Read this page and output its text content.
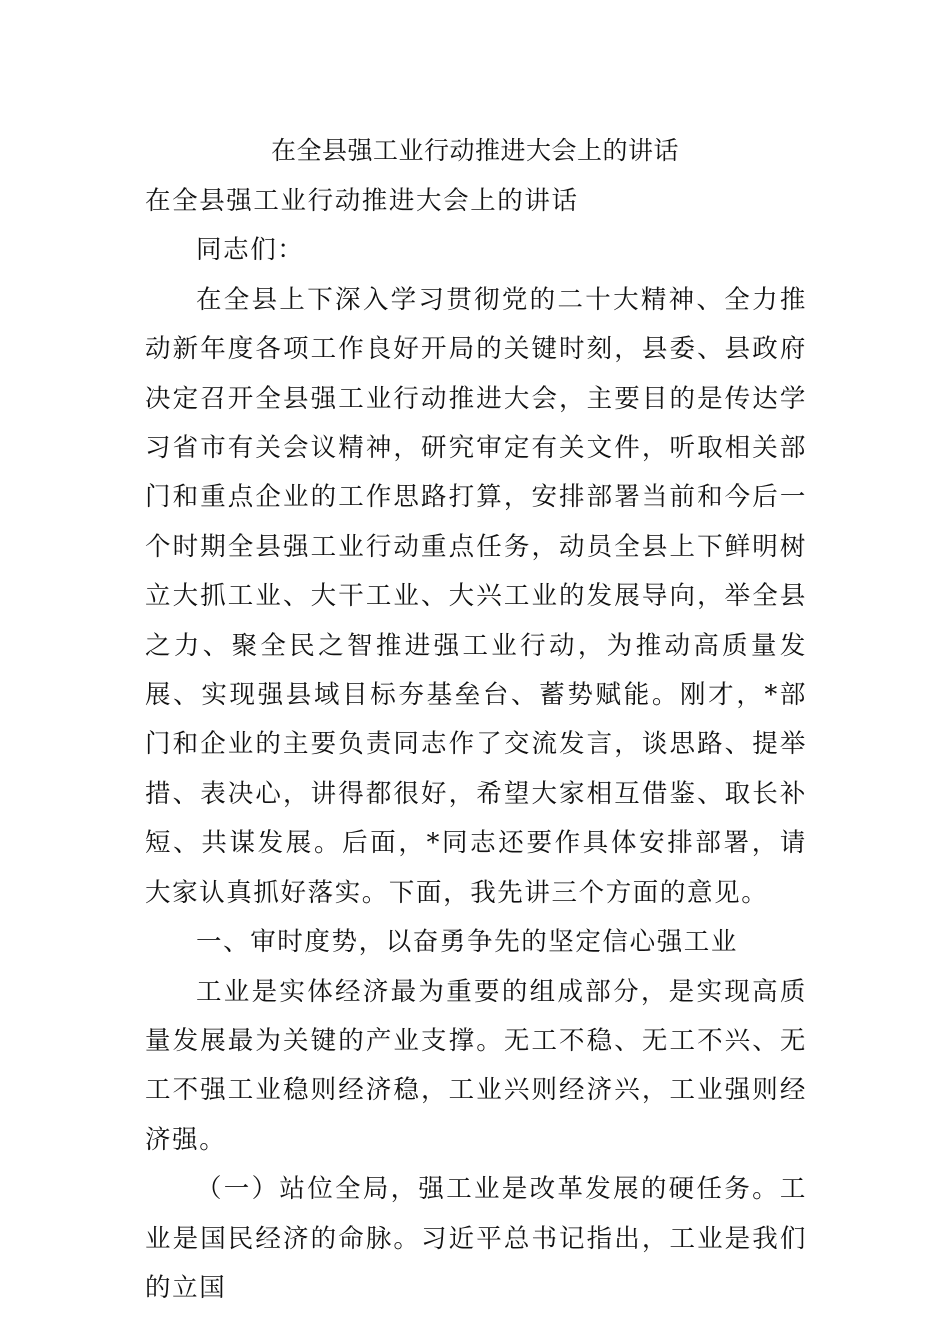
在全县强工业行动推进大会上的讲话

在全县强工业行动推进大会上的讲话

同志们：

在全县上下深入学习贯彻党的二十大精神、全力推动新年度各项工作良好开局的关键时刻，县委、县政府决定召开全县强工业行动推进大会，主要目的是传达学习省市有关会议精神，研究审定有关文件，听取相关部门和重点企业的工作思路打算，安排部署当前和今后一个时期全县强工业行动重点任务，动员全县上下鲜明树立大抓工业、大干工业、大兴工业的发展导向，举全县之力、聚全民之智推进强工业行动，为推动高质量发展、实现强县域目标夯基垒台、蓄势赋能。刚才，*部门和企业的主要负责同志作了交流发言，谈思路、提举措、表决心，讲得都很好，希望大家相互借鉴、取长补短、共谋发展。后面，*同志还要作具体安排部署，请大家认真抓好落实。下面，我先讲三个方面的意见。

一、审时度势，以奋勇争先的坚定信心强工业

工业是实体经济最为重要的组成部分，是实现高质量发展最为关键的产业支撑。无工不稳、无工不兴、无工不强工业稳则经济稳，工业兴则经济兴，工业强则经济强。

（一）站位全局，强工业是改革发展的硬任务。工业是国民经济的命脉。习近平总书记指出，工业是我们的立国
